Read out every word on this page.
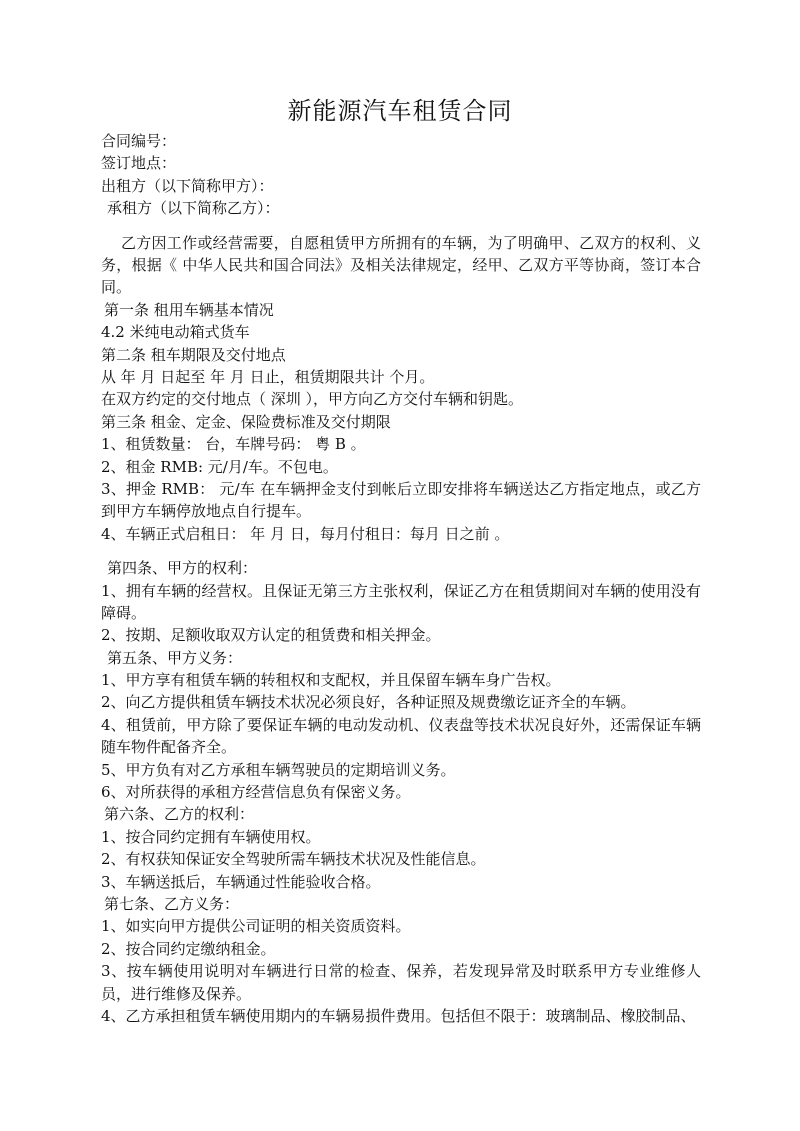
新能源汽车租赁合同
合同编号：
签订地点：
出租方（以下简称甲方）：
承租方（以下简称乙方）：
乙方因工作或经营需要，自愿租赁甲方所拥有的车辆，为了明确甲、乙双方的权利、义务，根据《 中华人民共和国合同法》及相关法律规定，经甲、乙双方平等协商，签订本合同。
第一条 租用车辆基本情况
4.2 米纯电动箱式货车
第二条 租车期限及交付地点
从 年 月 日起至 年 月 日止，租赁期限共计 个月。
在双方约定的交付地点（ 深圳 ），甲方向乙方交付车辆和钥匙。
第三条 租金、定金、保险费标准及交付期限
1、租赁数量： 台，车牌号码： 粤 B 。
2、租金 RMB: 元/月/车。不包电。
3、押金 RMB： 元/车 在车辆押金支付到帐后立即安排将车辆送达乙方指定地点，或乙方到甲方车辆停放地点自行提车。
4、车辆正式启租日： 年 月 日，每月付租日：每月 日之前 。
第四条、甲方的权利：
1、拥有车辆的经营权。且保证无第三方主张权利，保证乙方在租赁期间对车辆的使用没有障碍。
2、按期、足额收取双方认定的租赁费和相关押金。
第五条、甲方义务：
1、甲方享有租赁车辆的转租权和支配权，并且保留车辆车身广告权。
2、向乙方提供租赁车辆技术状况必须良好，各种证照及规费缴讫证齐全的车辆。
4、租赁前，甲方除了要保证车辆的电动发动机、仪表盘等技术状况良好外，还需保证车辆随车物件配备齐全。
5、甲方负有对乙方承租车辆驾驶员的定期培训义务。
6、对所获得的承租方经营信息负有保密义务。
第六条、乙方的权利：
1、按合同约定拥有车辆使用权。
2、有权获知保证安全驾驶所需车辆技术状况及性能信息。
3、车辆送抵后，车辆通过性能验收合格。
第七条、乙方义务：
1、如实向甲方提供公司证明的相关资质资料。
2、按合同约定缴纳租金。
3、按车辆使用说明对车辆进行日常的检查、保养，若发现异常及时联系甲方专业维修人员，进行维修及保养。
4、乙方承担租赁车辆使用期内的车辆易损件费用。包括但不限于：玻璃制品、橡胶制品、
